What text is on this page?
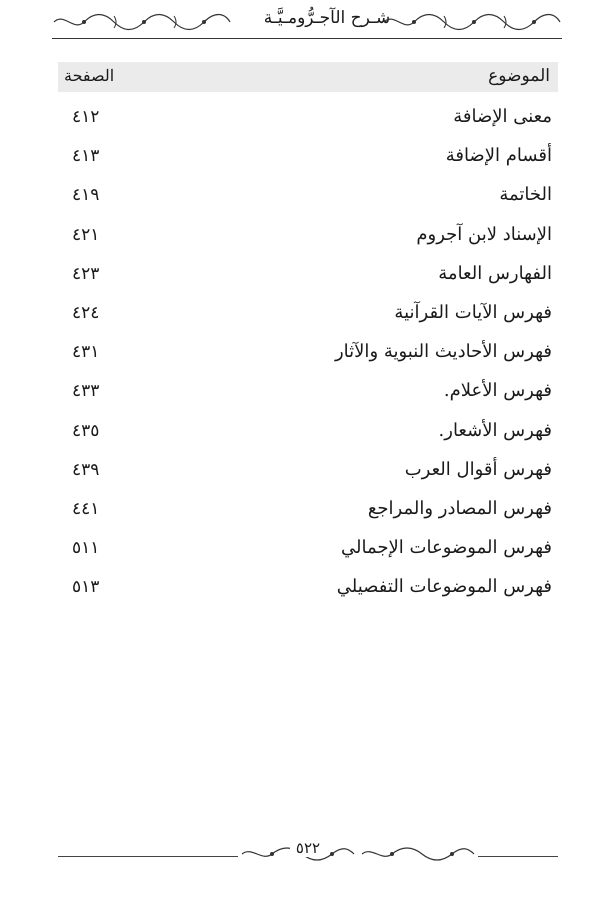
شـرح الآجـرُّومـيَّـة
الموضوع
الصفحة
معنى الإضافة
٤١٢
أقسام الإضافة
٤١٣
الخاتمة
٤١٩
الإسناد لابن آجروم
٤٢١
الفهارس العامة
٤٢٣
فهرس الآيات القرآنية
٤٢٤
فهرس الأحاديث النبوية والآثار
٤٣١
فهرس الأعلام.
٤٣٣
فهرس الأشعار.
٤٣٥
فهرس أقوال العرب
٤٣٩
فهرس المصادر والمراجع
٤٤١
فهرس الموضوعات الإجمالي
٥١١
فهرس الموضوعات التفصيلي
٥١٣
٥٢٢
